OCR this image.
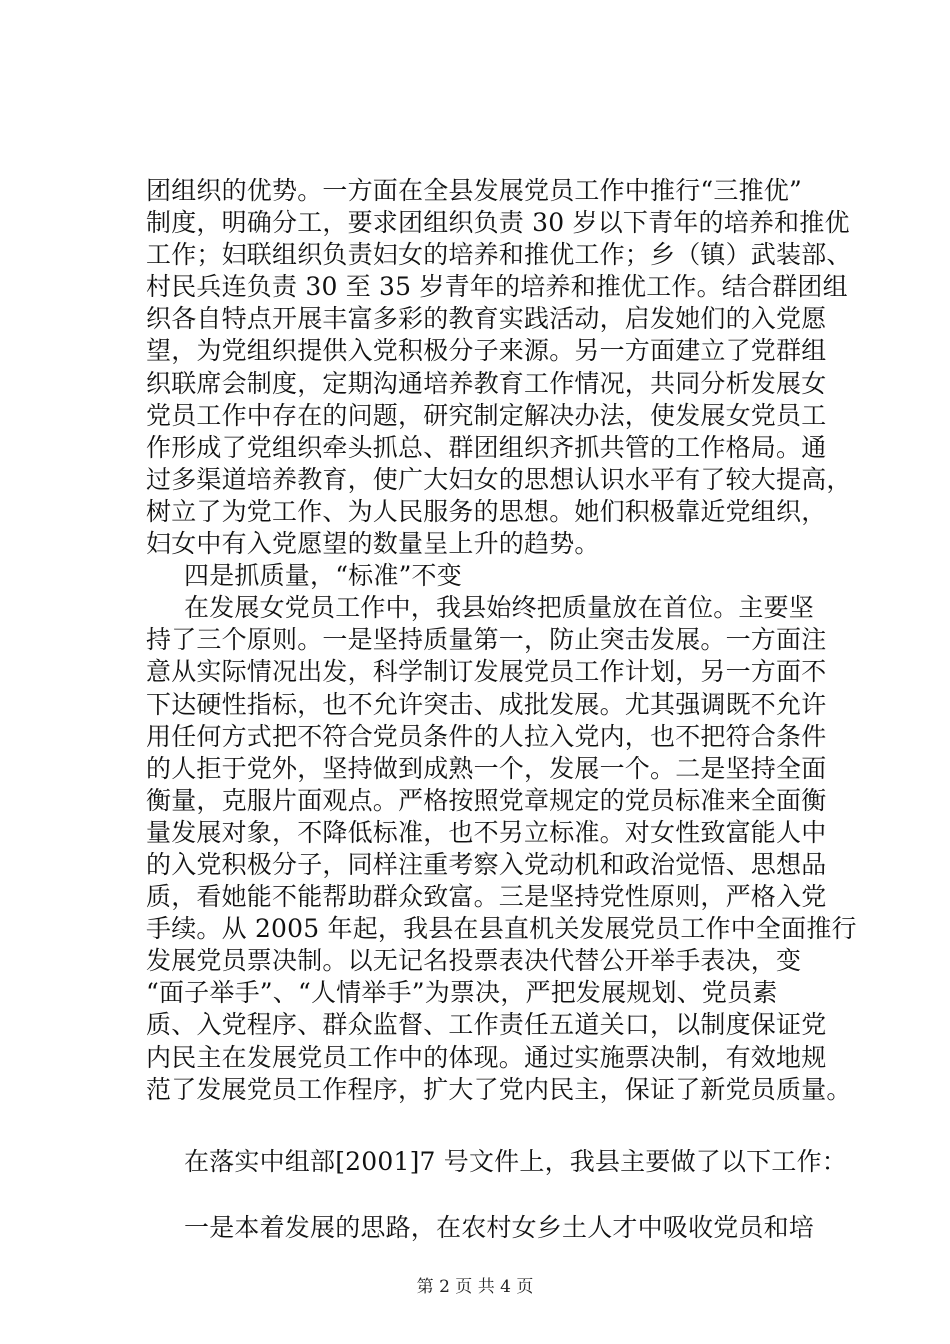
团组织的优势。一方面在全县发展党员工作中推行“三推优”
制度，明确分工，要求团组织负责 30 岁以下青年的培养和推优
工作；妇联组织负责妇女的培养和推优工作；乡（镇）武装部、
村民兵连负责 30 至 35 岁青年的培养和推优工作。结合群团组
织各自特点开展丰富多彩的教育实践活动，启发她们的入党愿
望，为党组织提供入党积极分子来源。另一方面建立了党群组
织联席会制度，定期沟通培养教育工作情况，共同分析发展女
党员工作中存在的问题，研究制定解决办法，使发展女党员工
作形成了党组织牵头抓总、群团组织齐抓共管的工作格局。通
过多渠道培养教育，使广大妇女的思想认识水平有了较大提高，
树立了为党工作、为人民服务的思想。她们积极靠近党组织，
妇女中有入党愿望的数量呈上升的趋势。
四是抓质量，“标准”不变
在发展女党员工作中，我县始终把质量放在首位。主要坚
持了三个原则。一是坚持质量第一，防止突击发展。一方面注
意从实际情况出发，科学制订发展党员工作计划，另一方面不
下达硬性指标，也不允许突击、成批发展。尤其强调既不允许
用任何方式把不符合党员条件的人拉入党内，也不把符合条件
的人拒于党外，坚持做到成熟一个，发展一个。二是坚持全面
衡量，克服片面观点。严格按照党章规定的党员标准来全面衡
量发展对象，不降低标准，也不另立标准。对女性致富能人中
的入党积极分子，同样注重考察入党动机和政治觉悟、思想品
质，看她能不能帮助群众致富。三是坚持党性原则，严格入党
手续。从 2005 年起，我县在县直机关发展党员工作中全面推行
发展党员票决制。以无记名投票表决代替公开举手表决，变
“面子举手”、“人情举手”为票决，严把发展规划、党员素
质、入党程序、群众监督、工作责任五道关口，以制度保证党
内民主在发展党员工作中的体现。通过实施票决制，有效地规
范了发展党员工作程序，扩大了党内民主，保证了新党员质量。
在落实中组部[2001]7 号文件上，我县主要做了以下工作：
一是本着发展的思路，在农村女乡土人才中吸收党员和培
第 2 页 共 4 页
